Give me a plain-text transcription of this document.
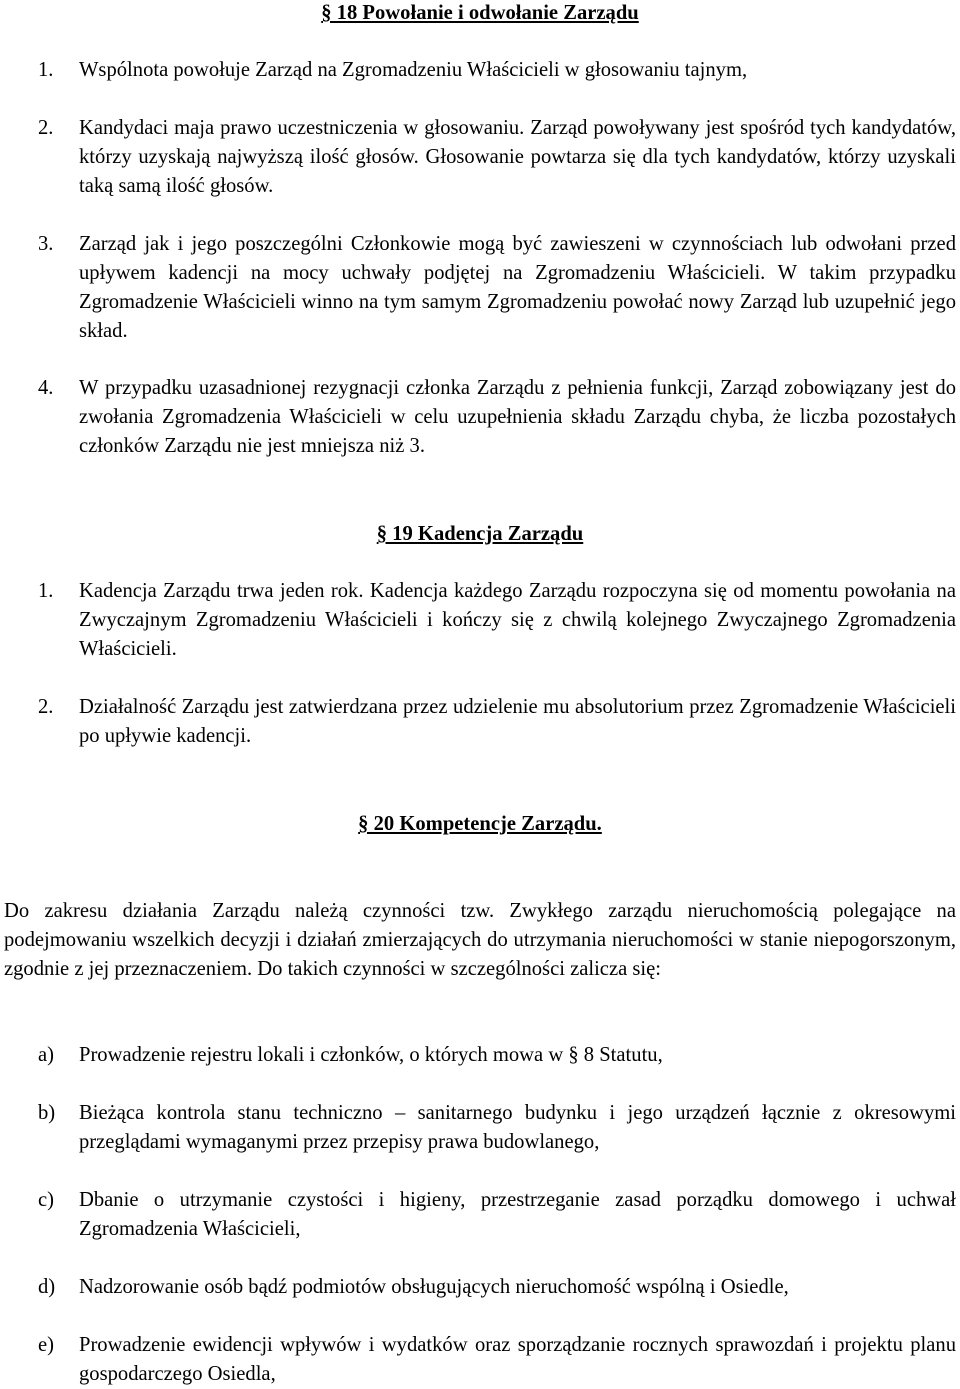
§ 18 Powołanie i odwołanie Zarządu
1. Wspólnota powołuje Zarząd na Zgromadzeniu Właścicieli w głosowaniu tajnym,
2. Kandydaci maja prawo uczestniczenia w głosowaniu. Zarząd powoływany jest spośród tych kandydatów, którzy uzyskają najwyższą ilość głosów. Głosowanie powtarza się dla tych kandydatów, którzy uzyskali taką samą ilość głosów.
3. Zarząd jak i jego poszczególni Członkowie mogą być zawieszeni w czynnościach lub odwołani przed upływem kadencji na mocy uchwały podjętej na Zgromadzeniu Właścicieli. W takim przypadku Zgromadzenie Właścicieli winno na tym samym Zgromadzeniu powołać nowy Zarząd lub uzupełnić jego skład.
4. W przypadku uzasadnionej rezygnacji członka Zarządu z pełnienia funkcji, Zarząd zobowiązany jest do zwołania Zgromadzenia Właścicieli w celu uzupełnienia składu Zarządu chyba, że liczba pozostałych członków Zarządu nie jest mniejsza niż 3.
§ 19 Kadencja Zarządu
1. Kadencja Zarządu trwa jeden rok. Kadencja każdego Zarządu rozpoczyna się od momentu powołania na Zwyczajnym Zgromadzeniu Właścicieli i kończy się z chwilą kolejnego Zwyczajnego Zgromadzenia Właścicieli.
2. Działalność Zarządu jest zatwierdzana przez udzielenie mu absolutorium przez Zgromadzenie Właścicieli po upływie kadencji.
§ 20 Kompetencje Zarządu.
Do zakresu działania Zarządu należą czynności tzw. Zwykłego zarządu nieruchomością polegające na podejmowaniu wszelkich decyzji i działań zmierzających do utrzymania nieruchomości w stanie niepogorszonym, zgodnie z jej przeznaczeniem. Do takich czynności w szczególności zalicza się:
a) Prowadzenie rejestru lokali i członków, o których mowa w § 8 Statutu,
b) Bieżąca kontrola stanu techniczno – sanitarnego budynku i jego urządzeń łącznie z okresowymi przeglądami wymaganymi przez przepisy prawa budowlanego,
c) Dbanie o utrzymanie czystości i higieny, przestrzeganie zasad porządku domowego i uchwał Zgromadzenia Właścicieli,
d) Nadzorowanie osób bądź podmiotów obsługujących nieruchomość wspólną i Osiedle,
e) Prowadzenie ewidencji wpływów i wydatków oraz sporządzanie rocznych sprawozdań i projektu planu gospodarczego Osiedla,
